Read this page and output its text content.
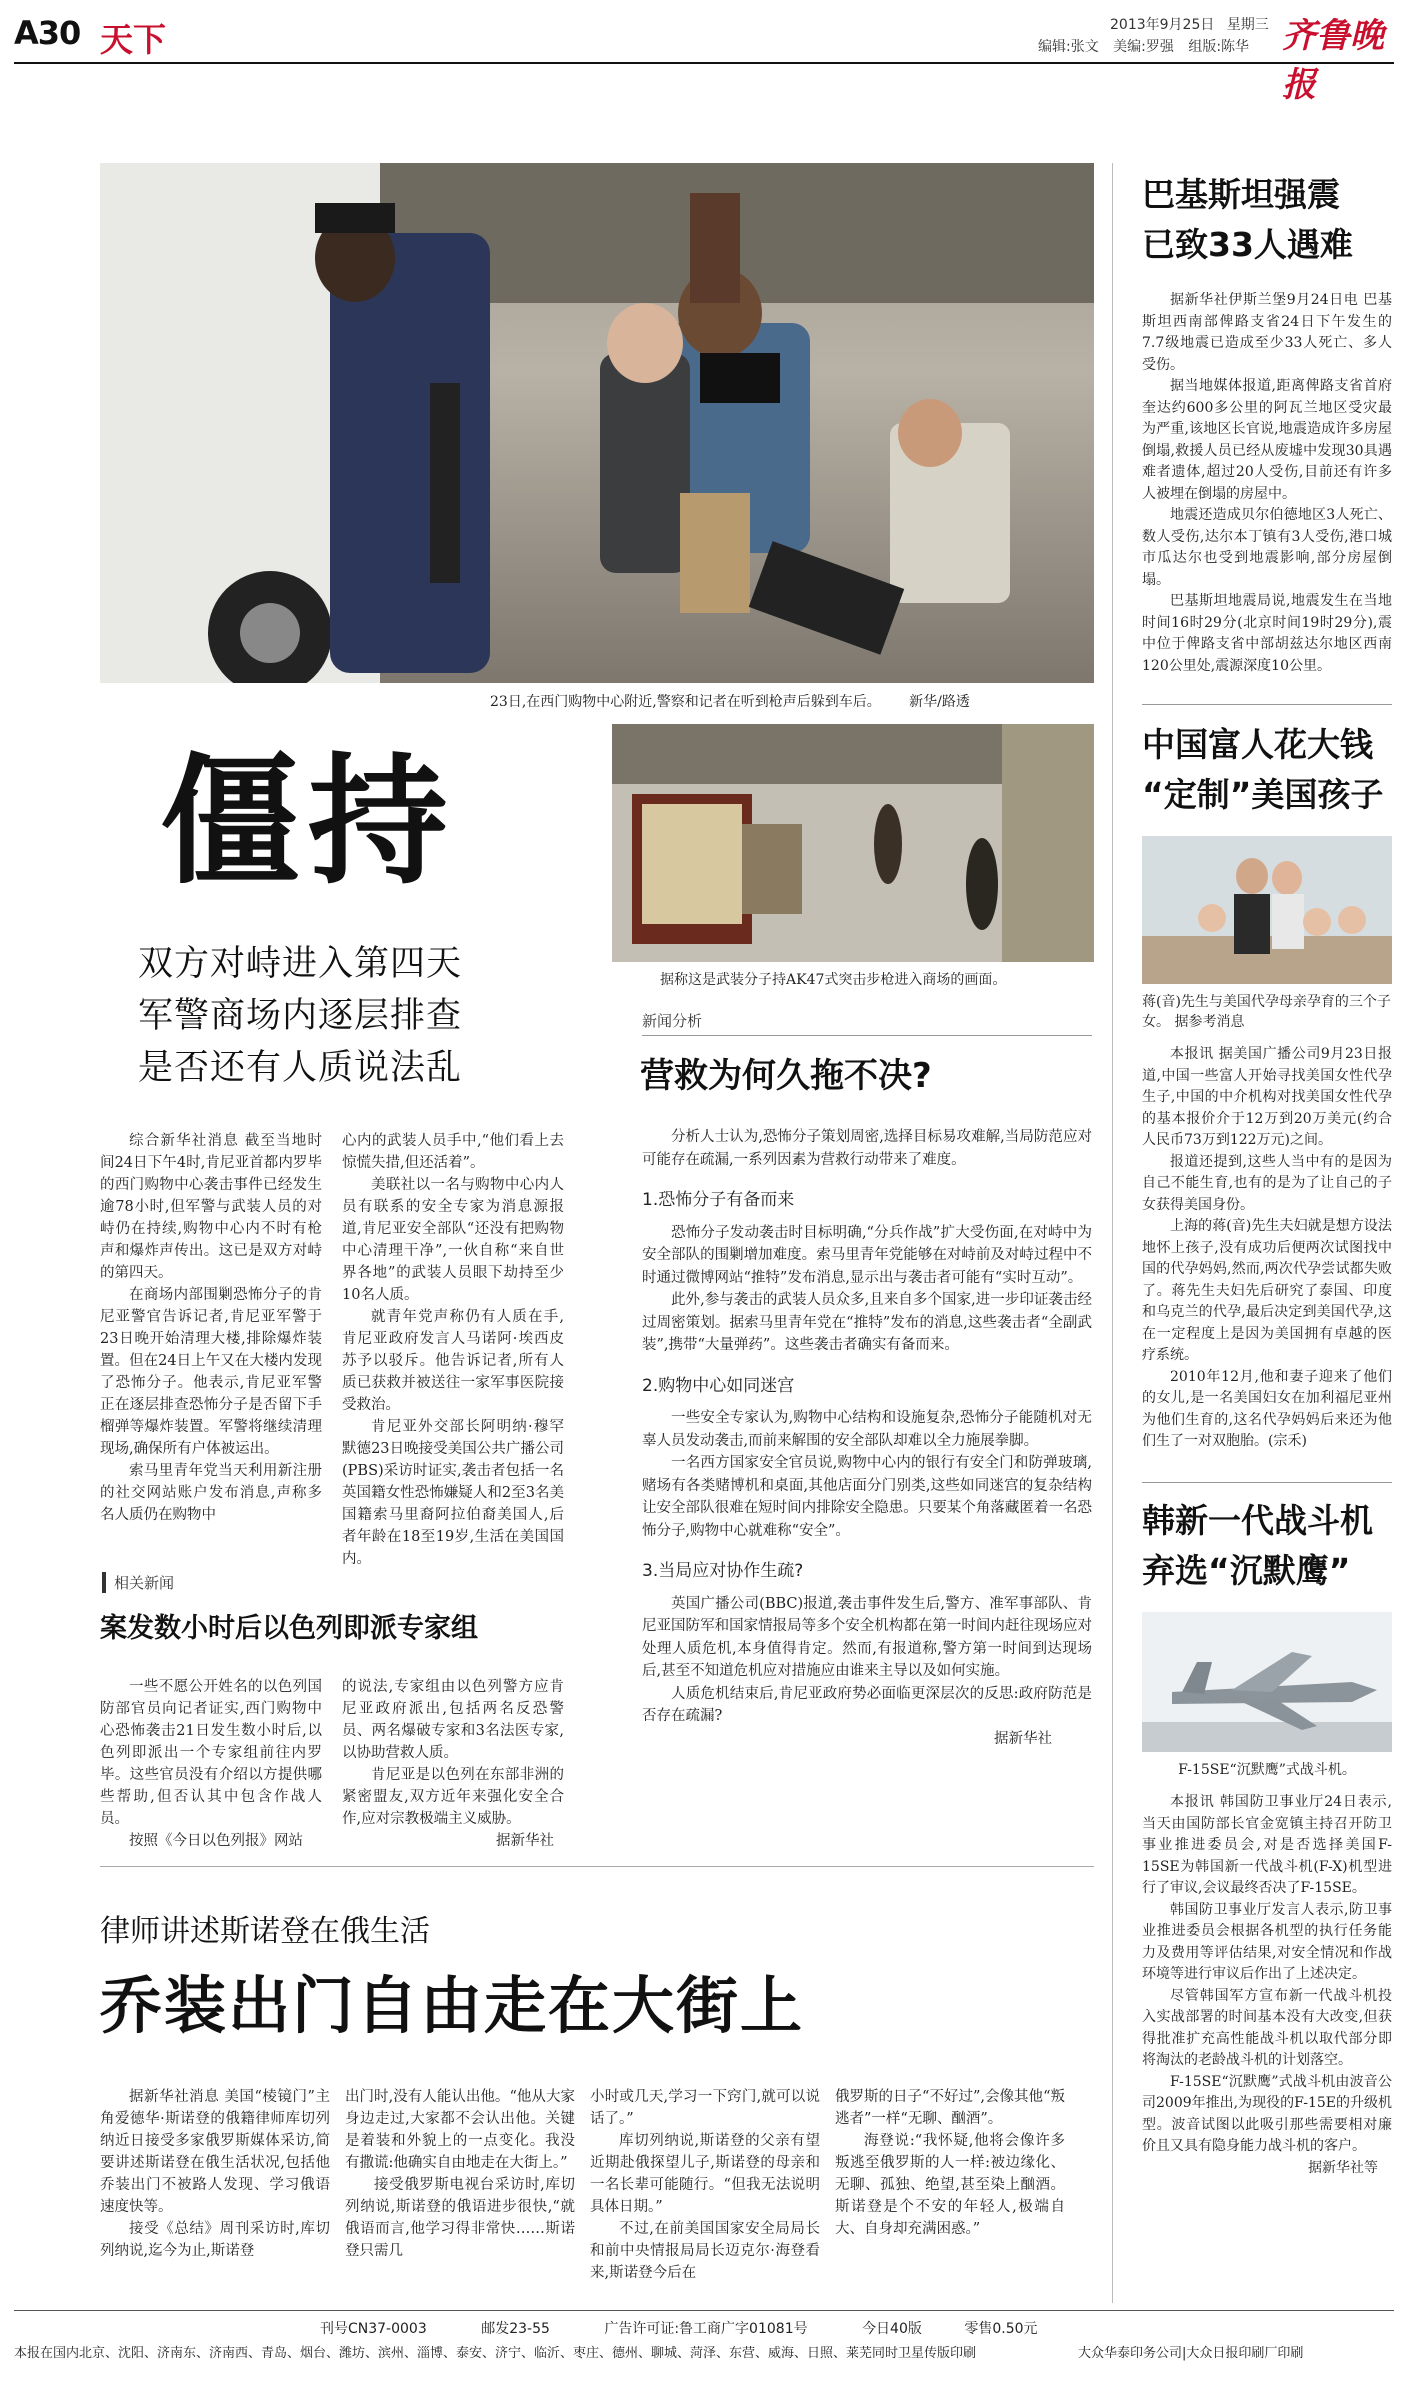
A30 天下	2013年9月25日 星期三
编辑:张文 美编:罗强 组版:陈华 齐鲁晚报
23日,在西门购物中心附近,警察和记者在听到枪声后躲到车后。 新华/路透
僵持
双方对峙进入第四天
军警商场内逐层排查
是否还有人质说法乱
据称这是武装分子持AK47式突击步枪进入商场的画面。
新闻分析
营救为何久拖不决?

分析人士认为,恐怖分子策划周密,选择目标易攻难解,当局防范应对可能存在疏漏,一系列因素为营救行动带来了难度。

1.恐怖分子有备而来

恐怖分子发动袭击时目标明确,“分兵作战”扩大受伤面,在对峙中为安全部队的围剿增加难度。索马里青年党能够在对峙前及对峙过程中不时通过微博网站“推特”发布消息,显示出与袭击者可能有“实时互动”。

此外,参与袭击的武装人员众多,且来自多个国家,进一步印证袭击经过周密策划。据索马里青年党在“推特”发布的消息,这些袭击者“全副武装”,携带“大量弹药”。这些袭击者确实有备而来。

2.购物中心如同迷宫

一些安全专家认为,购物中心结构和设施复杂,恐怖分子能随机对无辜人员发动袭击,而前来解围的安全部队却难以全力施展拳脚。

一名西方国家安全官员说,购物中心内的银行有安全门和防弹玻璃,赌场有各类赌博机和桌面,其他店面分门别类,这些如同迷宫的复杂结构让安全部队很难在短时间内排除安全隐患。只要某个角落藏匿着一名恐怖分子,购物中心就难称“安全”。

3.当局应对协作生疏?

英国广播公司(BBC)报道,袭击事件发生后,警方、准军事部队、肯尼亚国防军和国家情报局等多个安全机构都在第一时间内赶往现场应对处理人质危机,本身值得肯定。然而,有报道称,警方第一时间到达现场后,甚至不知道危机应对措施应由谁来主导以及如何实施。

人质危机结束后,肯尼亚政府势必面临更深层次的反思:政府防范是否存在疏漏?

据新华社

综合新华社消息 截至当地时间24日下午4时,肯尼亚首都内罗毕的西门购物中心袭击事件已经发生逾78小时,但军警与武装人员的对峙仍在持续,购物中心内不时有枪声和爆炸声传出。这已是双方对峙的第四天。

在商场内部围剿恐怖分子的肯尼亚警官告诉记者,肯尼亚军警于23日晚开始清理大楼,排除爆炸装置。但在24日上午又在大楼内发现了恐怖分子。他表示,肯尼亚军警正在逐层排查恐怖分子是否留下手榴弹等爆炸装置。军警将继续清理现场,确保所有户体被运出。

索马里青年党当天利用新注册的社交网站账户发布消息,声称多名人质仍在购物中

心内的武装人员手中,“他们看上去惊慌失措,但还活着”。

美联社以一名与购物中心内人员有联系的安全专家为消息源报道,肯尼亚安全部队“还没有把购物中心清理干净”,一伙自称“来自世界各地”的武装人员眼下劫持至少10名人质。

就青年党声称仍有人质在手,肯尼亚政府发言人马诺阿·埃西皮苏予以驳斥。他告诉记者,所有人质已获救并被送往一家军事医院接受救治。

肯尼亚外交部长阿明纳·穆罕默德23日晚接受美国公共广播公司(PBS)采访时证实,袭击者包括一名英国籍女性恐怖嫌疑人和2至3名美国籍索马里裔阿拉伯裔美国人,后者年龄在18至19岁,生活在美国国内。

相关新闻
案发数小时后以色列即派专家组

一些不愿公开姓名的以色列国防部官员向记者证实,西门购物中心恐怖袭击21日发生数小时后,以色列即派出一个专家组前往内罗毕。这些官员没有介绍以方提供哪些帮助,但否认其中包含作战人员。

按照《今日以色列报》网站

的说法,专家组由以色列警方应肯尼亚政府派出,包括两名反恐警员、两名爆破专家和3名法医专家,以协助营救人质。

肯尼亚是以色列在东部非洲的紧密盟友,双方近年来强化安全合作,应对宗教极端主义威胁。

据新华社
律师讲述斯诺登在俄生活
乔装出门自由走在大街上

据新华社消息 美国“棱镜门”主角爱德华·斯诺登的俄籍律师库切列纳近日接受多家俄罗斯媒体采访,简要讲述斯诺登在俄生活状况,包括他乔装出门不被路人发现、学习俄语速度快等。

接受《总结》周刊采访时,库切列纳说,迄今为止,斯诺登

出门时,没有人能认出他。“他从大家身边走过,大家都不会认出他。关键是着装和外貌上的一点变化。我没有撒谎:他确实自由地走在大街上。”

接受俄罗斯电视台采访时,库切列纳说,斯诺登的俄语进步很快,“就俄语而言,他学习得非常快……斯诺登只需几

小时或几天,学习一下窍门,就可以说话了。”

库切列纳说,斯诺登的父亲有望近期赴俄探望儿子,斯诺登的母亲和一名长辈可能随行。“但我无法说明具体日期。”

不过,在前美国国家安全局局长和前中央情报局局长迈克尔·海登看来,斯诺登今后在

俄罗斯的日子“不好过”,会像其他“叛逃者”一样“无聊、酗酒”。

海登说:“我怀疑,他将会像许多叛逃至俄罗斯的人一样:被边缘化、无聊、孤独、绝望,甚至染上酗酒。斯诺登是个不安的年轻人,极端自大、自身却充满困惑。”

巴基斯坦强震
已致33人遇难

据新华社伊斯兰堡9月24日电 巴基斯坦西南部俾路支省24日下午发生的7.7级地震已造成至少33人死亡、多人受伤。

据当地媒体报道,距离俾路支省首府奎达约600多公里的阿瓦兰地区受灾最为严重,该地区长官说,地震造成许多房屋倒塌,救援人员已经从废墟中发现30具遇难者遗体,超过20人受伤,目前还有许多人被埋在倒塌的房屋中。

地震还造成贝尔伯德地区3人死亡、数人受伤,达尔本丁镇有3人受伤,港口城市瓜达尔也受到地震影响,部分房屋倒塌。

巴基斯坦地震局说,地震发生在当地时间16时29分(北京时间19时29分),震中位于俾路支省中部胡兹达尔地区西南120公里处,震源深度10公里。

中国富人花大钱
“定制”美国孩子
蒋(音)先生与美国代孕母亲孕育的三个子女。 据参考消息

本报讯 据美国广播公司9月23日报道,中国一些富人开始寻找美国女性代孕生子,中国的中介机构对找美国女性代孕的基本报价介于12万到20万美元(约合人民币73万到122万元)之间。

报道还提到,这些人当中有的是因为自己不能生育,也有的是为了让自己的子女获得美国身份。

上海的蒋(音)先生夫妇就是想方设法地怀上孩子,没有成功后便两次试图找中国的代孕妈妈,然而,两次代孕尝试都失败了。蒋先生夫妇先后研究了泰国、印度和乌克兰的代孕,最后决定到美国代孕,这在一定程度上是因为美国拥有卓越的医疗系统。

2010年12月,他和妻子迎来了他们的女儿,是一名美国妇女在加利福尼亚州为他们生育的,这名代孕妈妈后来还为他们生了一对双胞胎。(宗禾)

韩新一代战斗机
弃选“沉默鹰”
F-15SE“沉默鹰”式战斗机。

本报讯 韩国防卫事业厅24日表示,当天由国防部长官金宽镇主持召开防卫事业推进委员会,对是否选择美国F-15SE为韩国新一代战斗机(F-X)机型进行了审议,会议最终否决了F-15SE。

韩国防卫事业厅发言人表示,防卫事业推进委员会根据各机型的执行任务能力及费用等评估结果,对安全情况和作战环境等进行审议后作出了上述决定。

尽管韩国军方宣布新一代战斗机投入实战部署的时间基本没有大改变,但获得批准扩充高性能战斗机以取代部分即将淘汰的老龄战斗机的计划落空。

F-15SE“沉默鹰”式战斗机由波音公司2009年推出,为现役的F-15E的升级机型。波音试图以此吸引那些需要相对廉价且又具有隐身能力战斗机的客户。

据新华社等
刊号CN37-0003	邮发23-55	广告许可证:鲁工商广字01081号	今日40版	零售0.50元
本报在国内北京、沈阳、济南东、济南西、青岛、烟台、潍坊、滨州、淄博、泰安、济宁、临沂、枣庄、德州、聊城、菏泽、东营、威海、日照、莱芜同时卫星传版印刷	大众华泰印务公司|大众日报印刷厂印刷
